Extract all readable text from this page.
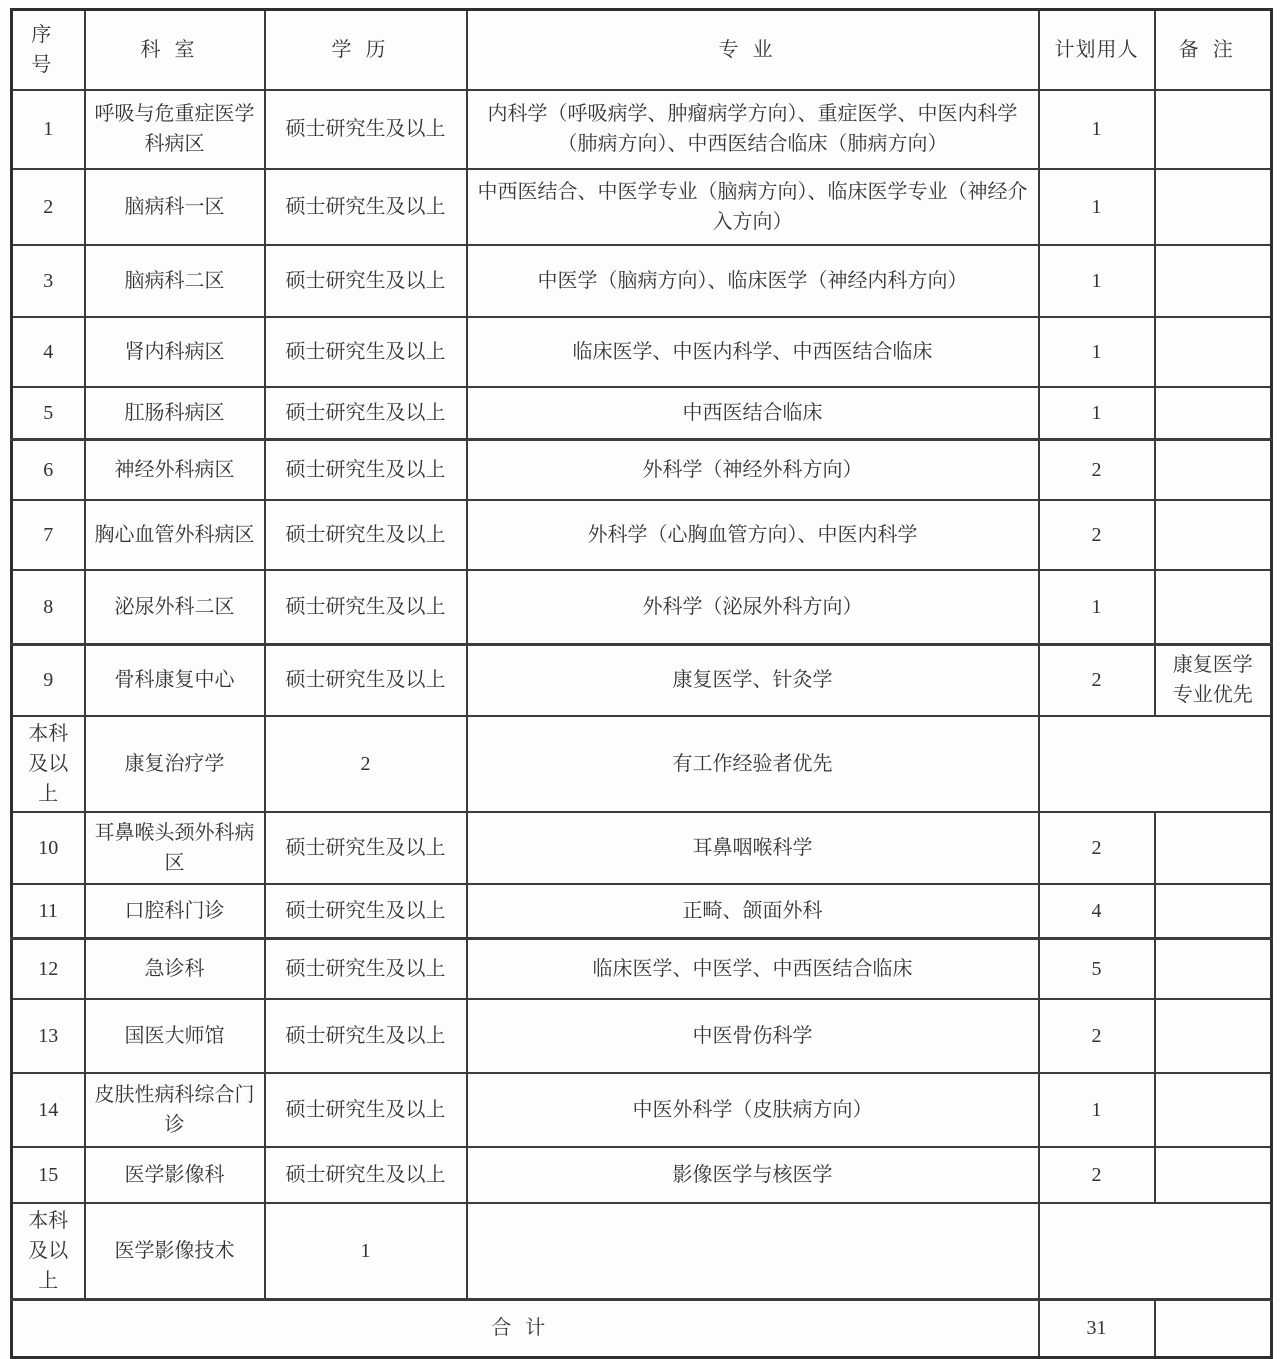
序号	科室	学历	专业	计划用人	备注
1	呼吸与危重症医学科病区	硕士研究生及以上	内科学（呼吸病学、肿瘤病学方向）、重症医学、中医内科学（肺病方向）、中西医结合临床（肺病方向）	1	
2	脑病科一区	硕士研究生及以上	中西医结合、中医学专业（脑病方向）、临床医学专业（神经介入方向）	1	
3	脑病科二区	硕士研究生及以上	中医学（脑病方向）、临床医学（神经内科方向）	1	
4	肾内科病区	硕士研究生及以上	临床医学、中医内科学、中西医结合临床	1	
5	肛肠科病区	硕士研究生及以上	中西医结合临床	1	
6	神经外科病区	硕士研究生及以上	外科学（神经外科方向）	2	
7	胸心血管外科病区	硕士研究生及以上	外科学（心胸血管方向）、中医内科学	2	
8	泌尿外科二区	硕士研究生及以上	外科学（泌尿外科方向）	1	
9	骨科康复中心	硕士研究生及以上	康复医学、针灸学	2	康复医学专业优先
本科及以上	康复治疗学	2	有工作经验者优先		
10	耳鼻喉头颈外科病区	硕士研究生及以上	耳鼻咽喉科学	2	
11	口腔科门诊	硕士研究生及以上	正畸、颌面外科	4	
12	急诊科	硕士研究生及以上	临床医学、中医学、中西医结合临床	5	
13	国医大师馆	硕士研究生及以上	中医骨伤科学	2	
14	皮肤性病科综合门诊	硕士研究生及以上	中医外科学（皮肤病方向）	1	
15	医学影像科	硕士研究生及以上	影像医学与核医学	2	
本科及以上	医学影像技术	1			
合计				31	
